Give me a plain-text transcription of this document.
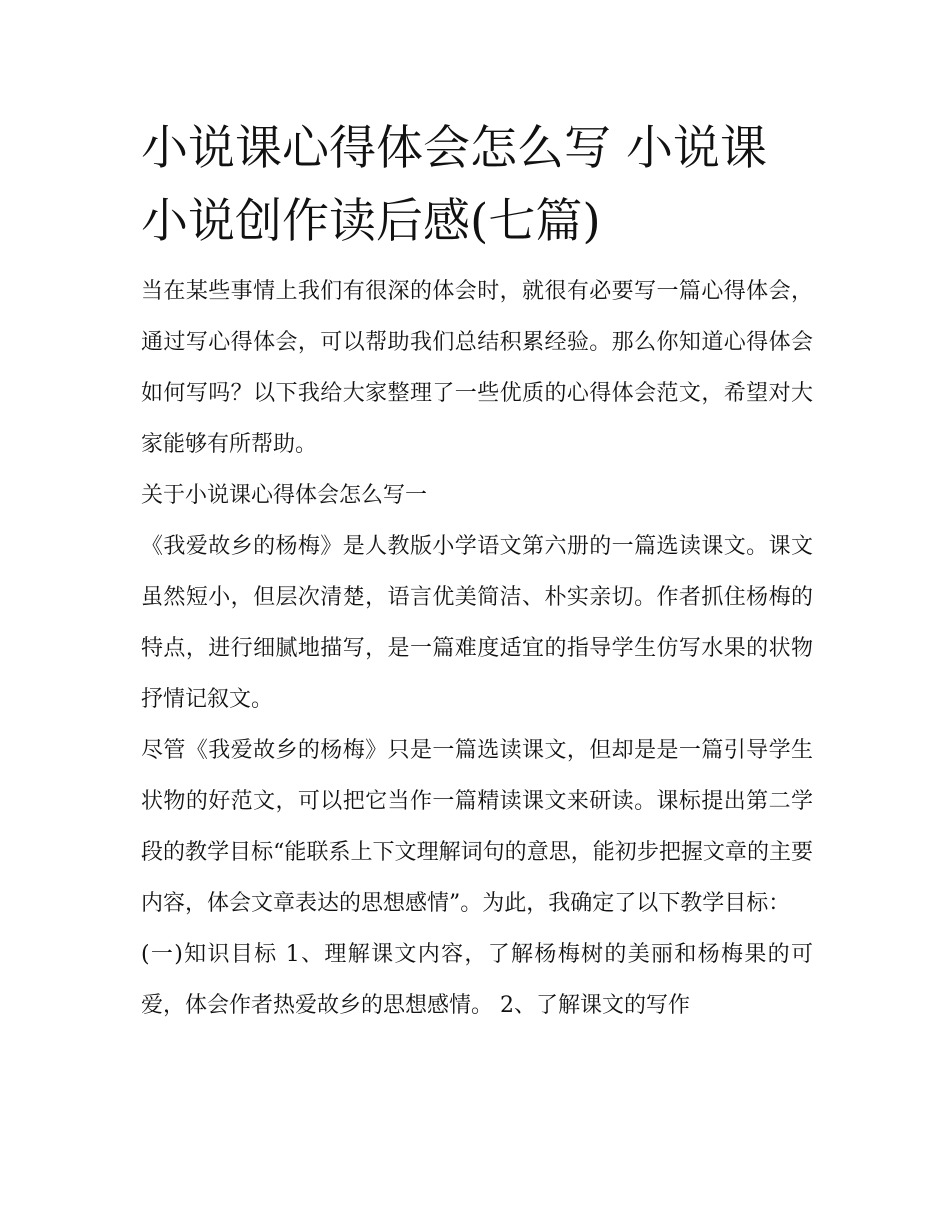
小说课心得体会怎么写 小说课小说创作读后感(七篇)

当在某些事情上我们有很深的体会时，就很有必要写一篇心得体会，通过写心得体会，可以帮助我们总结积累经验。那么你知道心得体会如何写吗？以下我给大家整理了一些优质的心得体会范文，希望对大家能够有所帮助。

关于小说课心得体会怎么写一

《我爱故乡的杨梅》是人教版小学语文第六册的一篇选读课文。课文虽然短小，但层次清楚，语言优美简洁、朴实亲切。作者抓住杨梅的特点，进行细腻地描写，是一篇难度适宜的指导学生仿写水果的状物抒情记叙文。

尽管《我爱故乡的杨梅》只是一篇选读课文，但却是是一篇引导学生状物的好范文，可以把它当作一篇精读课文来研读。课标提出第二学段的教学目标“能联系上下文理解词句的意思，能初步把握文章的主要内容，体会文章表达的思想感情”。为此，我确定了以下教学目标：

(一)知识目标 1、理解课文内容，了解杨梅树的美丽和杨梅果的可爱，体会作者热爱故乡的思想感情。 2、了解课文的写作
